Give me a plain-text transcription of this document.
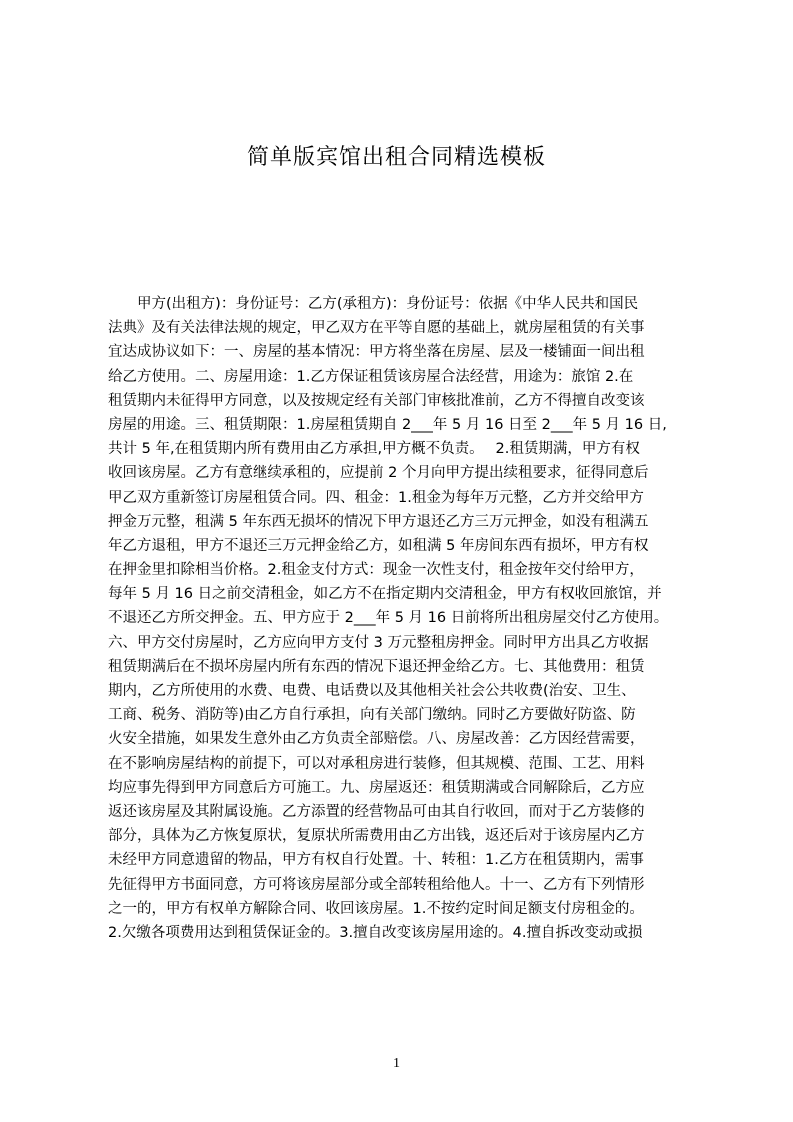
简单版宾馆出租合同精选模板
　　甲方(出租方)：身份证号：乙方(承租方)：身份证号：依据《中华人民共和国民
法典》及有关法律法规的规定，甲乙双方在平等自愿的基础上，就房屋租赁的有关事
宜达成协议如下：一、房屋的基本情况：甲方将坐落在房屋、层及一楼铺面一间出租
给乙方使用。二、房屋用途：1.乙方保证租赁该房屋合法经营，用途为：旅馆 2.在
租赁期内未征得甲方同意，以及按规定经有关部门审核批准前，乙方不得擅自改变该
房屋的用途。三、租赁期限：1.房屋租赁期自 2___年 5 月 16 日至 2___年 5 月 16 日,
共计 5 年,在租赁期内所有费用由乙方承担,甲方概不负责。　 2.租赁期满，甲方有权
收回该房屋。乙方有意继续承租的，应提前 2 个月向甲方提出续租要求，征得同意后
甲乙双方重新签订房屋租赁合同。四、租金：1.租金为每年万元整，乙方并交给甲方
押金万元整，租满 5 年东西无损坏的情况下甲方退还乙方三万元押金，如没有租满五
年乙方退租，甲方不退还三万元押金给乙方，如租满 5 年房间东西有损坏，甲方有权
在押金里扣除相当价格。2.租金支付方式：现金一次性支付，租金按年交付给甲方，
每年 5 月 16 日之前交清租金，如乙方不在指定期内交清租金，甲方有权收回旅馆，并
不退还乙方所交押金。五、甲方应于 2___年 5 月 16 日前将所出租房屋交付乙方使用。
六、甲方交付房屋时，乙方应向甲方支付 3 万元整租房押金。同时甲方出具乙方收据
租赁期满后在不损坏房屋内所有东西的情况下退还押金给乙方。七、其他费用：租赁
期内，乙方所使用的水费、电费、电话费以及其他相关社会公共收费(治安、卫生、
工商、税务、消防等)由乙方自行承担，向有关部门缴纳。同时乙方要做好防盗、防
火安全措施，如果发生意外由乙方负责全部赔偿。八、房屋改善：乙方因经营需要，
在不影响房屋结构的前提下，可以对承租房进行装修，但其规模、范围、工艺、用料
均应事先得到甲方同意后方可施工。九、房屋返还：租赁期满或合同解除后，乙方应
返还该房屋及其附属设施。乙方添置的经营物品可由其自行收回，而对于乙方装修的
部分，具体为乙方恢复原状，复原状所需费用由乙方出钱，返还后对于该房屋内乙方
未经甲方同意遗留的物品，甲方有权自行处置。十、转租：1.乙方在租赁期内，需事
先征得甲方书面同意，方可将该房屋部分或全部转租给他人。十一、乙方有下列情形
之一的，甲方有权单方解除合同、收回该房屋。1.不按约定时间足额支付房租金的。
2.欠缴各项费用达到租赁保证金的。3.擅自改变该房屋用途的。4.擅自拆改变动或损
1
